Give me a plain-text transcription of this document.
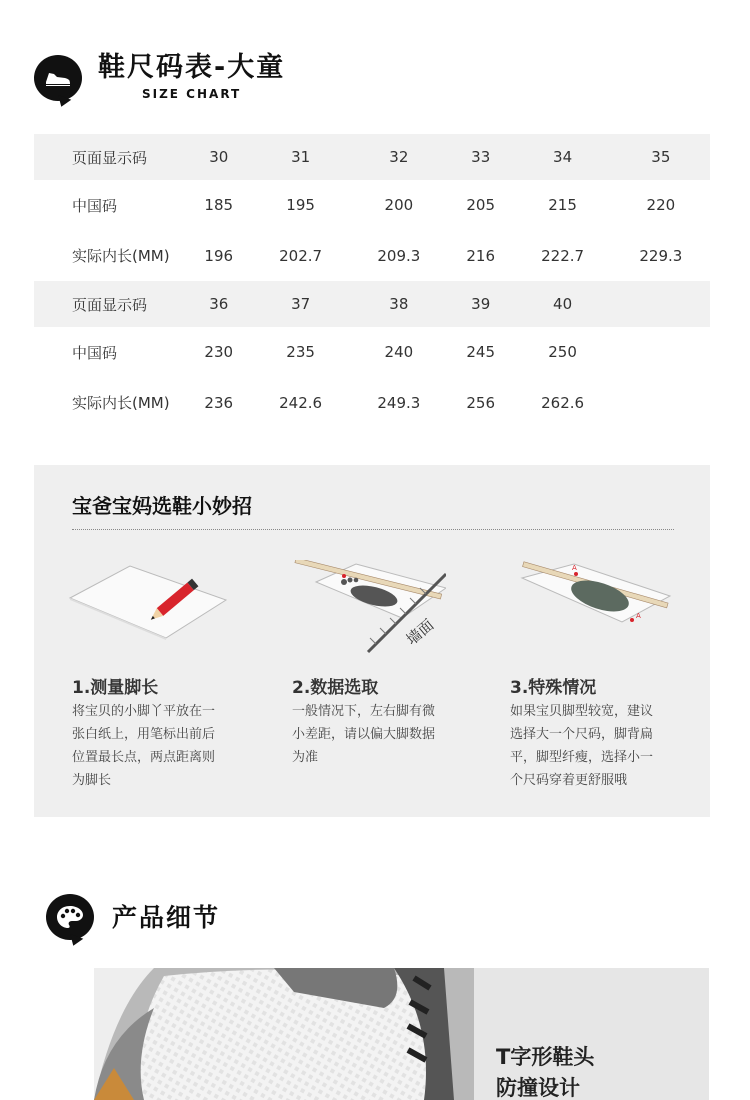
鞋尺码表-大童
SIZE CHART
页面显示码	30	31	32	33	34	35
中国码	185	195	200	205	215	220
实际内长(MM)	196	202.7	209.3	216	222.7	229.3
页面显示码	36	37	38	39	40	
中国码	230	235	240	245	250	
实际内长(MM)	236	242.6	249.3	256	262.6	
宝爸宝妈选鞋小妙招
墙面
A
A
1.测量脚长
将宝贝的小脚丫平放在一
张白纸上，用笔标出前后
位置最长点，两点距离则
为脚长
2.数据选取
一般情况下，左右脚有微
小差距，请以偏大脚数据
为准
3.特殊情况
如果宝贝脚型较宽，建议
选择大一个尺码，脚背扁
平，脚型纤瘦，选择小一
个尺码穿着更舒服哦
产品细节
T字形鞋头
防撞设计
